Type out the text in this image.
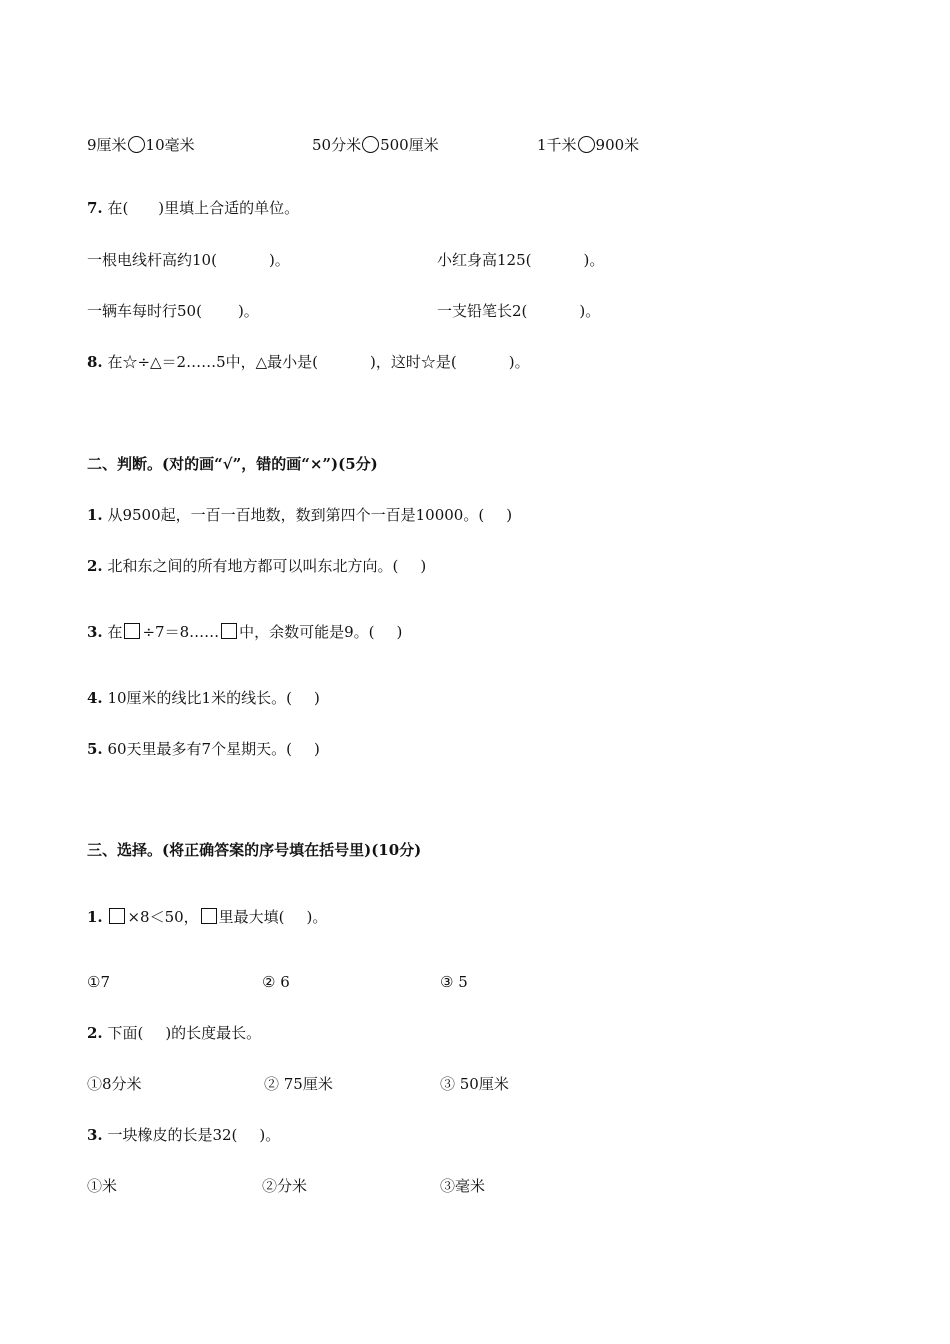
9厘米 10毫米	50分米 500厘米	1千米 900米
7. 在(　　)里填上合适的单位。
一根电线杆高约10(	)。	小红身高125(	)。
一辆车每时行50( )。	一支铅笔长2(	)。
8. 在☆÷△＝2……5中，△最小是(	)，这时☆是(	)。
二、判断。(对的画“√”，错的画“×”)(5分)
1. 从9500起，一百一百地数，数到第四个一百是10000。( )
2. 北和东之间的所有地方都可以叫东北方向。( )
3. 在 ÷7＝8…… 中，余数可能是9。( )
4. 10厘米的线比1米的线长。( )
5. 60天里最多有7个星期天。( )
三、选择。(将正确答案的序号填在括号里)(10分)
1. ×8＜50， 里最大填( )。
①7	② 6	③ 5
2. 下面( )的长度最长。
①8分米	② 75厘米	③ 50厘米
3. 一块橡皮的长是32( )。
①米	②分米	③毫米
